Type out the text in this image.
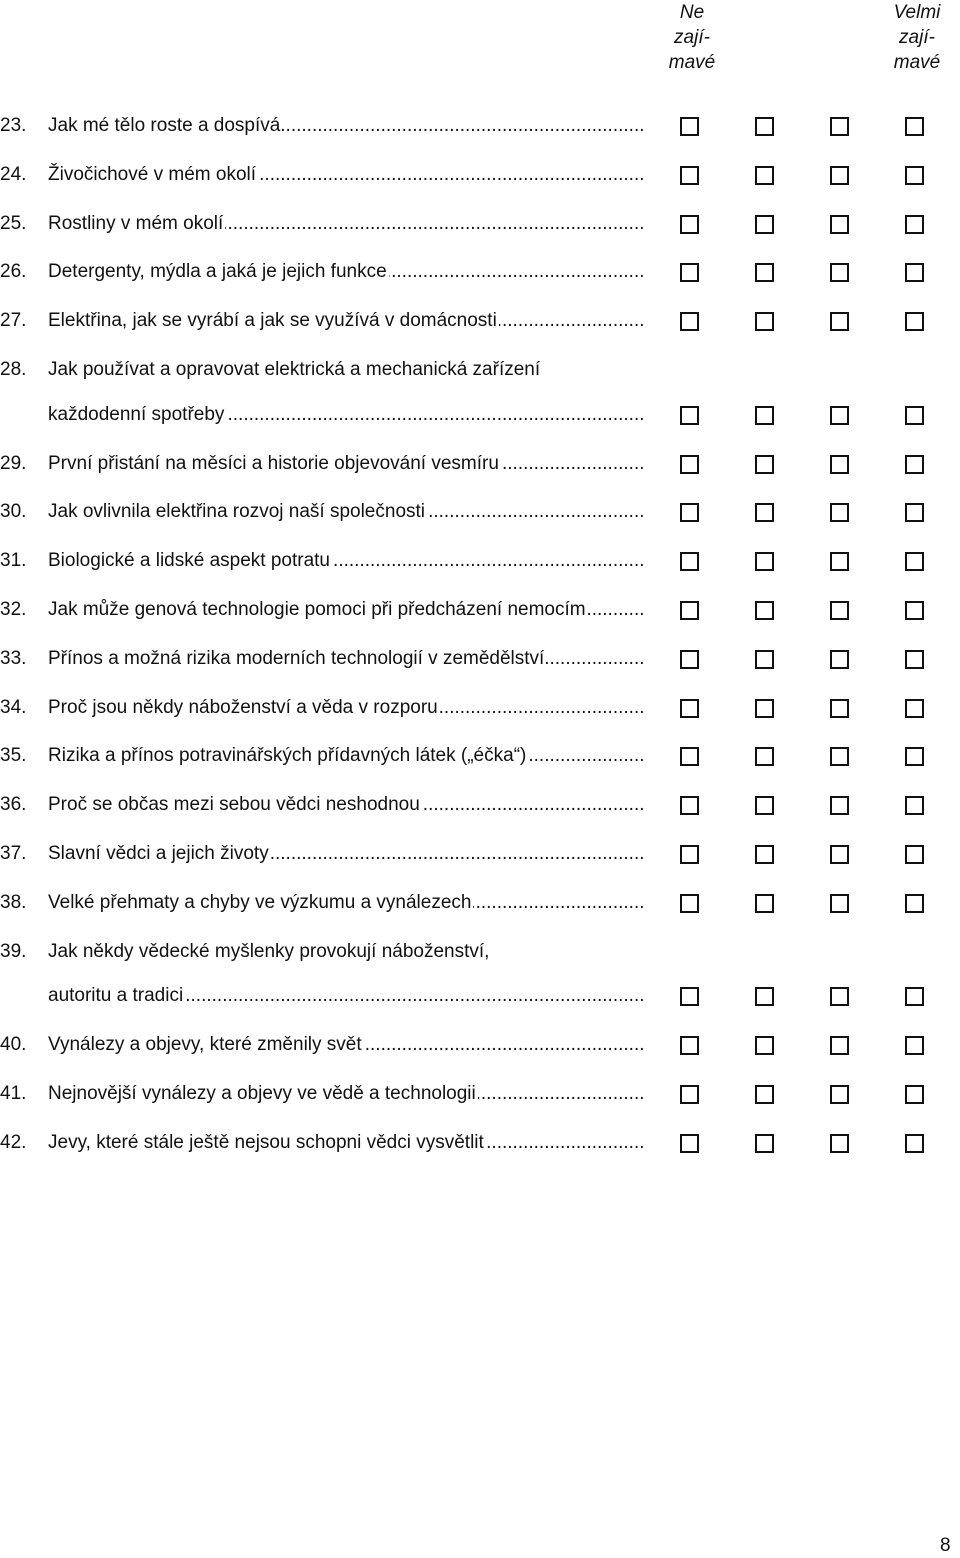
Ne
zají-
mavé
Velmi
zají-
mavé
23. Jak mé tělo roste a dospívá .....
24. Živočichové v mém okolí .....
25. Rostliny v mém okolí .....
26. Detergenty, mýdla a jaká je jejich funkce .....
27. Elektřina, jak se vyrábí a jak se využívá v domácnosti .....
28. Jak používat a opravovat elektrická a mechanická zařízení
každodenní spotřeby .....
29. První přistání na měsíci a historie objevování vesmíru .....
30. Jak ovlivnila elektřina rozvoj naší společnosti .....
31. Biologické a lidské aspekt potratu .....
32. Jak může genová technologie pomoci při předcházení nemocím .....
33. Přínos a možná rizika moderních technologií v zemědělství .....
34. Proč jsou někdy náboženství a věda v rozporu .....
35. Rizika a přínos potravinářských přídavných látek („éčka“) .....
36. Proč se občas mezi sebou vědci neshodnou .....
37. Slavní vědci a jejich životy .....
38. Velké přehmaty a chyby ve výzkumu a vynálezech .....
39. Jak někdy vědecké myšlenky provokují náboženství,
autoritu a tradici .....
40. Vynálezy a objevy, které změnily svět .....
41. Nejnovější vynálezy a objevy ve vědě a technologii .....
42. Jevy, které stále ještě nejsou schopni vědci vysvětlit .....
8
